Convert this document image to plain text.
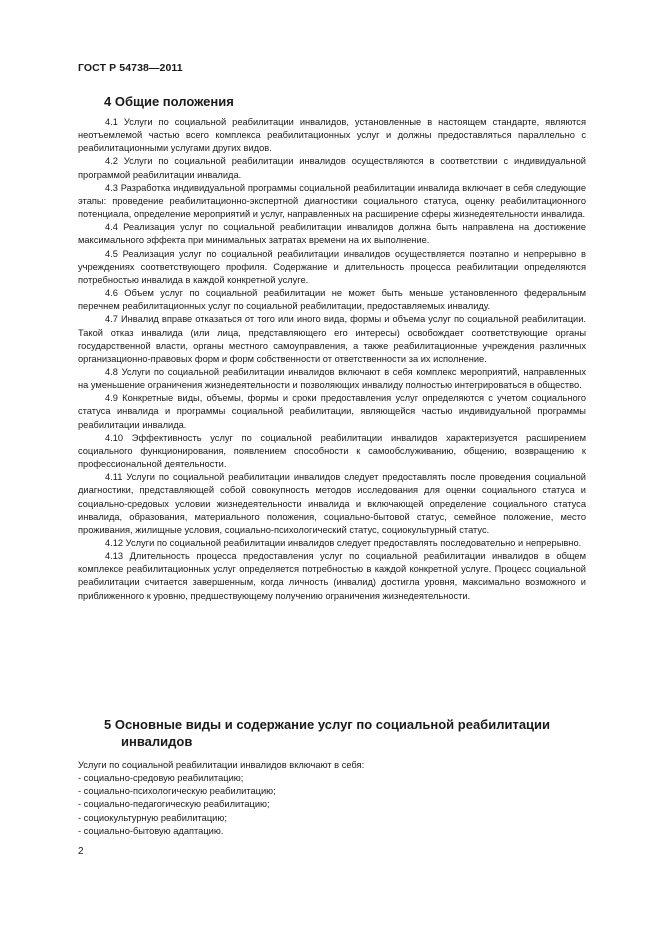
ГОСТ Р 54738—2011
4 Общие положения

4.1 Услуги по социальной реабилитации инвалидов, установленные в настоящем стандарте, являются неотъемлемой частью всего комплекса реабилитационных услуг и должны предоставляться параллельно с реабилитационными услугами других видов.

4.2 Услуги по социальной реабилитации инвалидов осуществляются в соответствии с индивидуальной программой реабилитации инвалида.

4.3 Разработка индивидуальной программы социальной реабилитации инвалида включает в себя следующие этапы: проведение реабилитационно-экспертной диагностики социального статуса, оценку реабилитационного потенциала, определение мероприятий и услуг, направленных на расширение сферы жизнедеятельности инвалида.

4.4 Реализация услуг по социальной реабилитации инвалидов должна быть направлена на достижение максимального эффекта при минимальных затратах времени на их выполнение.

4.5 Реализация услуг по социальной реабилитации инвалидов осуществляется поэтапно и непрерывно в учреждениях соответствующего профиля. Содержание и длительность процесса реабилитации определяются потребностью инвалида в каждой конкретной услуге.

4.6 Объем услуг по социальной реабилитации не может быть меньше установленного федеральным перечнем реабилитационных услуг по социальной реабилитации, предоставляемых инвалиду.

4.7 Инвалид вправе отказаться от того или иного вида, формы и объема услуг по социальной реабилитации. Такой отказ инвалида (или лица, представляющего его интересы) освобождает соответствующие органы государственной власти, органы местного самоуправления, а также реабилитационные учреждения различных организационно-правовых форм и форм собственности от ответственности за их исполнение.

4.8 Услуги по социальной реабилитации инвалидов включают в себя комплекс мероприятий, направленных на уменьшение ограничения жизнедеятельности и позволяющих инвалиду полностью интегрироваться в общество.

4.9 Конкретные виды, объемы, формы и сроки предоставления услуг определяются с учетом социального статуса инвалида и программы социальной реабилитации, являющейся частью индивидуальной программы реабилитации инвалида.

4.10 Эффективность услуг по социальной реабилитации инвалидов характеризуется расширением социального функционирования, появлением способности к самообслуживанию, общению, возвращению к профессиональной деятельности.

4.11 Услуги по социальной реабилитации инвалидов следует предоставлять после проведения социальной диагностики, представляющей собой совокупность методов исследования для оценки социального статуса и социально-средовых условии жизнедеятельности инвалида и включающей определение социального статуса инвалида, образования, материального положения, социально-бытовой статус, семейное положение, место проживания, жилищные условия, социально-психологический статус, социокультурный статус.

4.12 Услуги по социальной реабилитации инвалидов следует предоставлять последовательно и непрерывно.

4.13 Длительность процесса предоставления услуг по социальной реабилитации инвалидов в общем комплексе реабилитационных услуг определяется потребностью в каждой конкретной услуге. Процесс социальной реабилитации считается завершенным, когда личность (инвалид) достигла уровня, максимально возможного и приближенного к уровню, предшествующему получению ограничения жизнедеятельности.

5 Основные виды и содержание услуг по социальной реабилитации
инвалидов

Услуги по социальной реабилитации инвалидов включают в себя:

- социально-средовую реабилитацию;
- социально-психологическую реабилитацию;
- социально-педагогическую реабилитацию;
- социокультурную реабилитацию;
- социально-бытовую адаптацию.
2
